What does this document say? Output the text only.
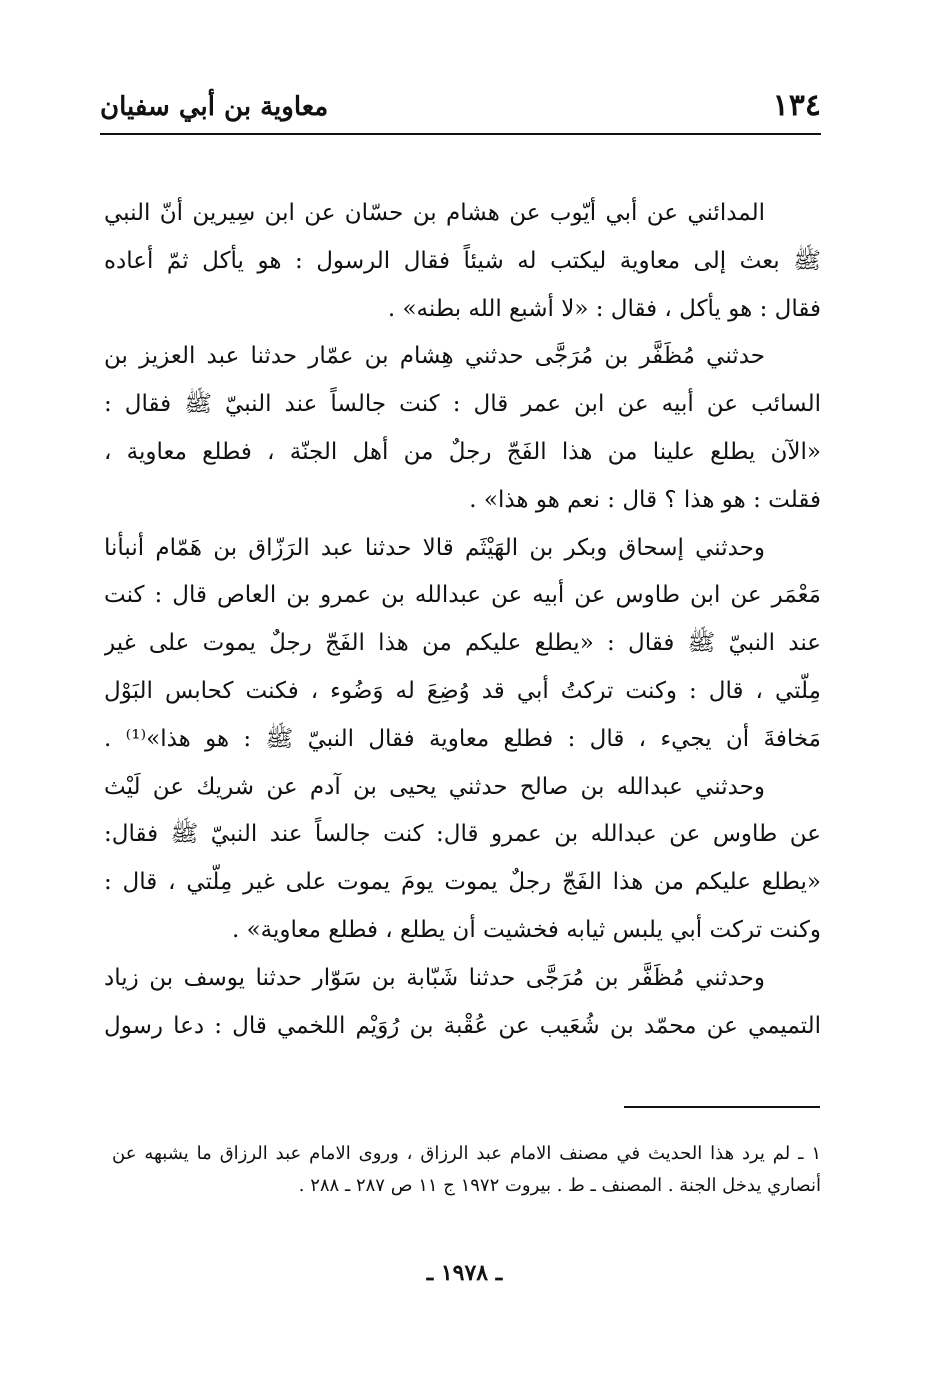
١٣٤
معاوية بن أبي سفيان
المدائني عن أبي أيّوب عن هشام بن حسّان عن ابن سِيرين أنّ النبي
ﷺ بعث إلى معاوية ليكتب له شيئاً فقال الرسول : هو يأكل ثمّ أعاده
فقال : هو يأكل ، فقال : «لا أشبع الله بطنه» .
حدثني مُظَفَّر بن مُرَجَّى حدثني هِشام بن عمّار حدثنا عبد العزيز بن
السائب عن أبيه عن ابن عمر قال : كنت جالساً عند النبيّ ﷺ فقال :
«الآن يطلع علينا من هذا الفَجّ رجلٌ من أهل الجنّة ، فطلع معاوية ،
فقلت : هو هذا ؟ قال : نعم هو هذا» .
وحدثني إسحاق وبكر بن الهَيْثَم قالا حدثنا عبد الرَزّاق بن هَمّام أنبأنا
مَعْمَر عن ابن طاوس عن أبيه عن عبدالله بن عمرو بن العاص قال : كنت
عند النبيّ ﷺ فقال : «يطلع عليكم من هذا الفَجّ رجلٌ يموت على غير
مِلّتي ، قال : وكنت تركتُ أبي قد وُضِعَ له وَضُوء ، فكنت كحابس البَوْل
مَخافةَ أن يجيء ، قال : فطلع معاوية فقال النبيّ ﷺ : هو هذا»⁽¹⁾ .
وحدثني عبدالله بن صالح حدثني يحيى بن آدم عن شريك عن لَيْث
عن طاوس عن عبدالله بن عمرو قال: كنت جالساً عند النبيّ ﷺ فقال:
«يطلع عليكم من هذا الفَجّ رجلٌ يموت يومَ يموت على غير مِلّتي ، قال :
وكنت تركت أبي يلبس ثيابه فخشيت أن يطلع ، فطلع معاوية» .
وحدثني مُظَفَّر بن مُرَجَّى حدثنا شَبّابة بن سَوّار حدثنا يوسف بن زياد
التميمي عن محمّد بن شُعَيب عن عُقْبة بن رُوَيْم اللخمي قال : دعا رسول
١ ـ لم يرد هذا الحديث في مصنف الامام عبد الرزاق ، وروى الامام عبد الرزاق ما يشبهه عن
أنصاري يدخل الجنة . المصنف ـ ط . بيروت ١٩٧٢ ج ١١ ص ٢٨٧ ـ ٢٨٨ .
ـ ١٩٧٨ ـ
